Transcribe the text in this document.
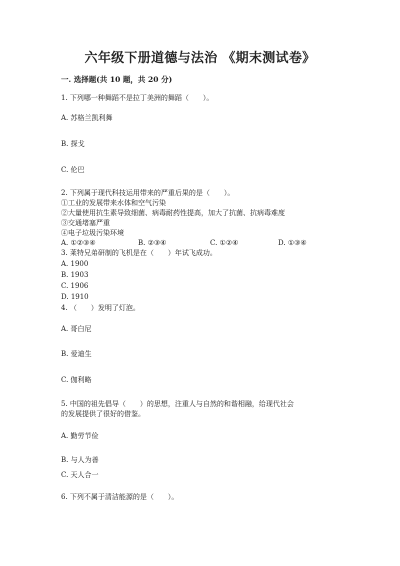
六年级下册道德与法治 《期末测试卷》
一. 选择题(共 10 题，共 20 分)
1. 下列哪一种舞蹈不是拉丁美洲的舞蹈（　　）。
A. 苏格兰凯利舞
B. 探戈
C. 伦巴
2. 下列属于现代科技运用带来的严重后果的是（　　）。
①工业的发展带来水体和空气污染
②大量使用抗生素导致细菌、病毒耐药性提高，加大了抗菌、抗病毒难度
③交通堵塞严重
④电子垃圾污染环境
A. ①②③④	B. ②③④	C. ①②④	D. ①③④
3. 莱特兄弟研制的飞机是在（　　）年试飞成功。
A. 1900
B. 1903
C. 1906
D. 1910
4. （　　）发明了灯泡。
A. 哥白尼
B. 爱迪生
C. 伽利略
5. 中国的祖先倡导（　　）的思想，注重人与自然的和谐相融，给现代社会
的发展提供了很好的借鉴。
A. 勤劳节俭
B. 与人为善
C. 天人合一
6. 下列不属于清洁能源的是（　　）。
